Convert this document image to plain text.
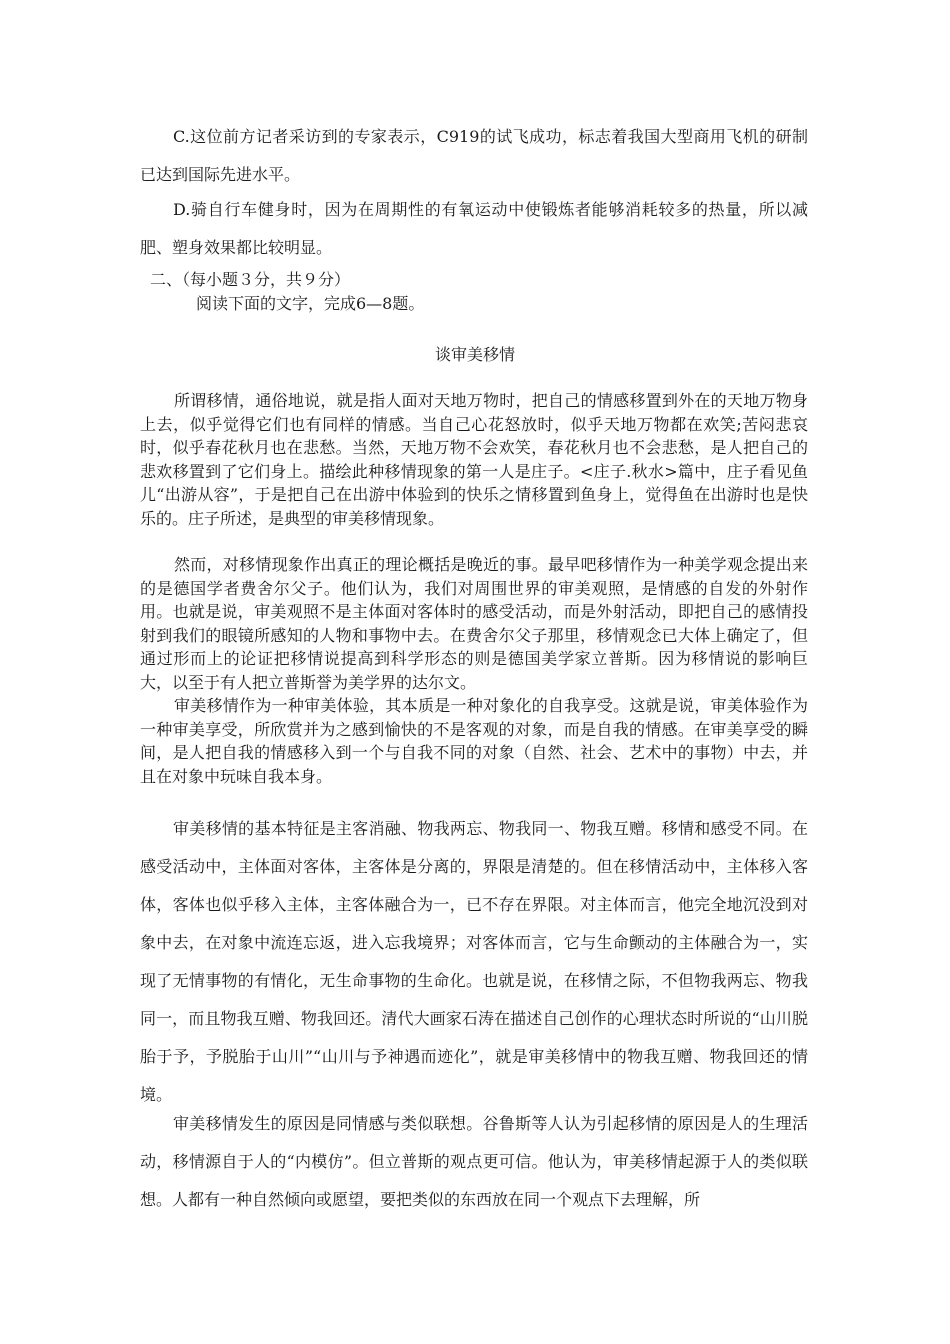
C.这位前方记者采访到的专家表示，C919的试飞成功，标志着我国大型商用飞机的研制已达到国际先进水平。

D.骑自行车健身时，因为在周期性的有氧运动中使锻炼者能够消耗较多的热量，所以减肥、塑身效果都比较明显。

二、（每小题３分，共９分）

阅读下面的文字，完成6—8题。

谈审美移情

所谓移情，通俗地说，就是指人面对天地万物时，把自己的情感移置到外在的天地万物身上去，似乎觉得它们也有同样的情感。当自己心花怒放时，似乎天地万物都在欢笑;苦闷悲哀时，似乎春花秋月也在悲愁。当然，天地万物不会欢笑，春花秋月也不会悲愁，是人把自己的悲欢移置到了它们身上。描绘此种移情现象的第一人是庄子。<庄子.秋水>篇中，庄子看见鱼儿“出游从容”，于是把自己在出游中体验到的快乐之情移置到鱼身上，觉得鱼在出游时也是快乐的。庄子所述，是典型的审美移情现象。

然而，对移情现象作出真正的理论概括是晚近的事。最早吧移情作为一种美学观念提出来的是德国学者费舍尔父子。他们认为，我们对周围世界的审美观照，是情感的自发的外射作用。也就是说，审美观照不是主体面对客体时的感受活动，而是外射活动，即把自己的感情投射到我们的眼镜所感知的人物和事物中去。在费舍尔父子那里，移情观念已大体上确定了，但通过形而上的论证把移情说提高到科学形态的则是德国美学家立普斯。因为移情说的影响巨大，以至于有人把立普斯誉为美学界的达尔文。

审美移情作为一种审美体验，其本质是一种对象化的自我享受。这就是说，审美体验作为一种审美享受，所欣赏并为之感到愉快的不是客观的对象，而是自我的情感。在审美享受的瞬间，是人把自我的情感移入到一个与自我不同的对象（自然、社会、艺术中的事物）中去，并且在对象中玩味自我本身。

审美移情的基本特征是主客消融、物我两忘、物我同一、物我互赠。移情和感受不同。在感受活动中，主体面对客体，主客体是分离的，界限是清楚的。但在移情活动中，主体移入客体，客体也似乎移入主体，主客体融合为一，已不存在界限。对主体而言，他完全地沉没到对象中去，在对象中流连忘返，进入忘我境界；对客体而言，它与生命颤动的主体融合为一，实现了无情事物的有情化，无生命事物的生命化。也就是说，在移情之际，不但物我两忘、物我同一，而且物我互赠、物我回还。清代大画家石涛在描述自己创作的心理状态时所说的“山川脱胎于予，予脱胎于山川”“山川与予神遇而迹化”，就是审美移情中的物我互赠、物我回还的情境。

审美移情发生的原因是同情感与类似联想。谷鲁斯等人认为引起移情的原因是人的生理活动，移情源自于人的“内模仿”。但立普斯的观点更可信。他认为，审美移情起源于人的类似联想。人都有一种自然倾向或愿望，要把类似的东西放在同一个观点下去理解，所
